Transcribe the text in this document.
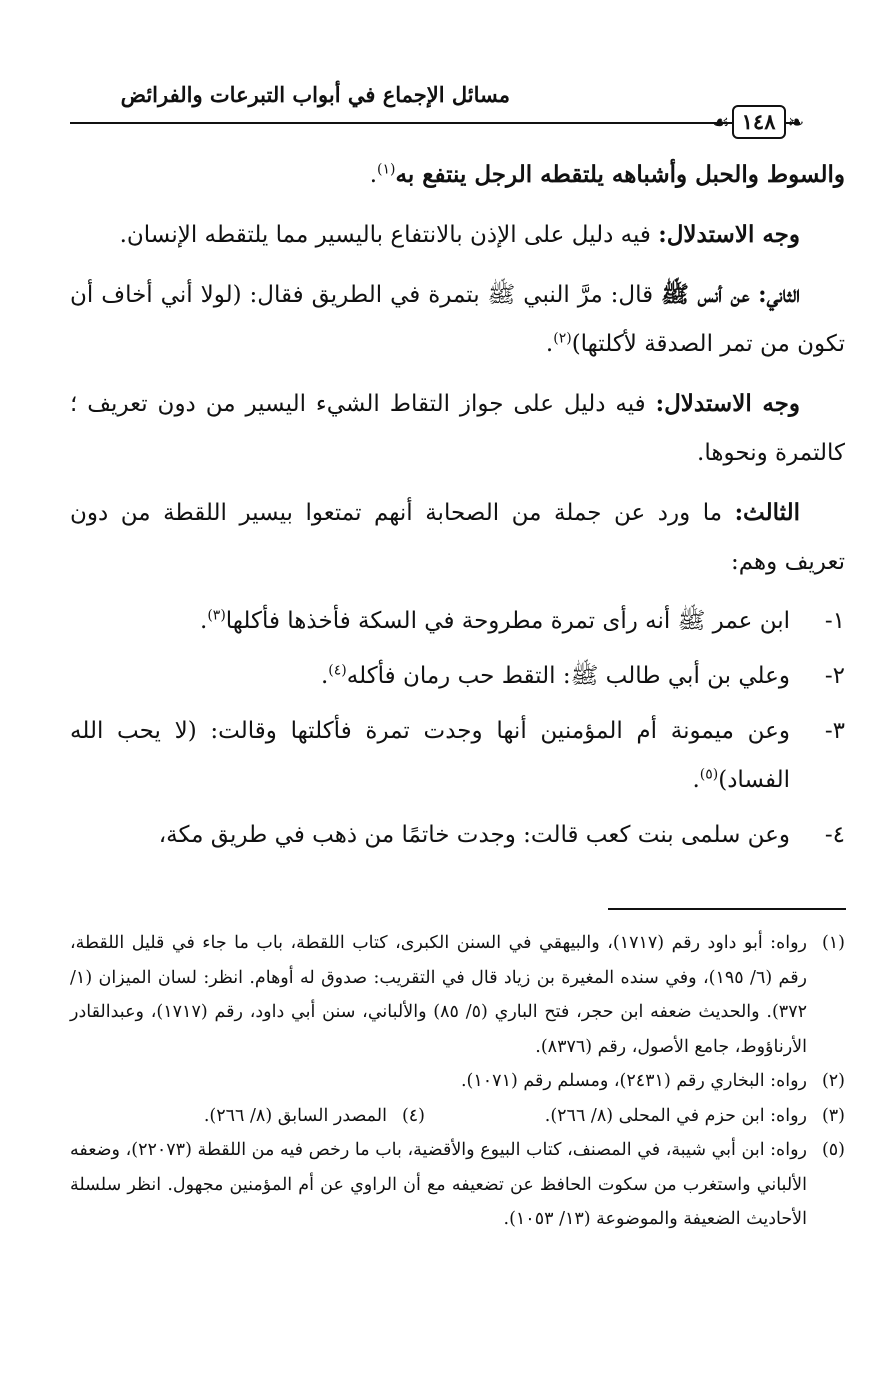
مسائل الإجماع في أبواب التبرعات والفرائض
☙ ١٤٨ ❧

والسوط والحبل وأشباهه يلتقطه الرجل ينتفع به$^{(١)}$.

وجه الاستدلال: فيه دليل على الإذن بالانتفاع باليسير مما يلتقطه الإنسان.

الثاني: عن أنس ﷺ قال: مرَّ النبي ﷺ بتمرة في الطريق فقال: (لولا أني أخاف أن تكون من تمر الصدقة لأكلتها)$^{(٢)}$.

وجه الاستدلال: فيه دليل على جواز التقاط الشيء اليسير من دون تعريف ؛ كالتمرة ونحوها.

الثالث: ما ورد عن جملة من الصحابة أنهم تمتعوا بيسير اللقطة من دون تعريف وهم:

١-
ابن عمر ﷺ أنه رأى تمرة مطروحة في السكة فأخذها فأكلها$^{(٣)}$.
٢-
وعلي بن أبي طالب ﷺ: التقط حب رمان فأكله$^{(٤)}$.
٣-
وعن ميمونة أم المؤمنين أنها وجدت تمرة فأكلتها وقالت: (لا يحب الله الفساد)$^{(٥)}$.
٤-
وعن سلمى بنت كعب قالت: وجدت خاتمًا من ذهب في طريق مكة،
(١)
رواه: أبو داود رقم (١٧١٧)، والبيهقي في السنن الكبرى، كتاب اللقطة، باب ما جاء في قليل اللقطة، رقم (٦/ ١٩٥)، وفي سنده المغيرة بن زياد قال في التقريب: صدوق له أوهام. انظر: لسان الميزان (١/ ٣٧٢). والحديث ضعفه ابن حجر، فتح الباري (٥/ ٨٥) والألباني، سنن أبي داود، رقم (١٧١٧)، وعبدالقادر الأرناؤوط، جامع الأصول، رقم (٨٣٧٦).
(٢)
رواه: البخاري رقم (٢٤٣١)، ومسلم رقم (١٠٧١).
(٣)
رواه: ابن حزم في المحلى (٨/ ٢٦٦).
(٤)
المصدر السابق (٨/ ٢٦٦).
(٥)
رواه: ابن أبي شيبة، في المصنف، كتاب البيوع والأقضية، باب ما رخص فيه من اللقطة (٢٢٠٧٣)، وضعفه الألباني واستغرب من سكوت الحافظ عن تضعيفه مع أن الراوي عن أم المؤمنين مجهول. انظر سلسلة الأحاديث الضعيفة والموضوعة (١٣/ ١٠٥٣).
